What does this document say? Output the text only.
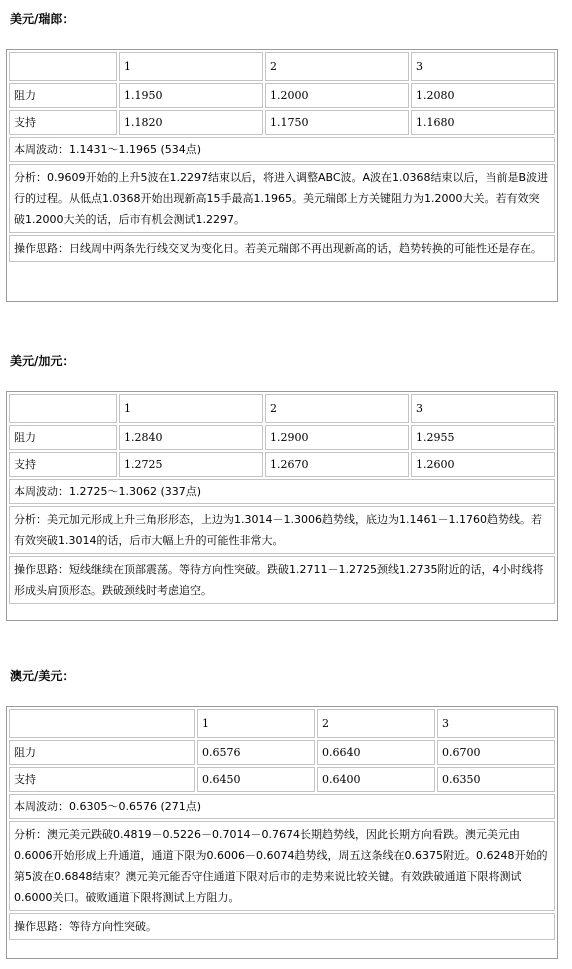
美元/瑞郎：
	1	2	3
阻力	1.1950	1.2000	1.2080
支持	1.1820	1.1750	1.1680
本周波动：1.1431～1.1965 (534点)			
分析：0.9609开始的上升5波在1.2297结束以后，将进入调整ABC波。A波在1.0368结束以后，当前是B波进行的过程。从低点1.0368开始出现新高15手最高1.1965。美元瑞郎上方关键阻力为1.2000大关。若有效突破1.2000大关的话，后市有机会测试1.2297。			
操作思路：日线周中两条先行线交叉为变化日。若美元瑞郎不再出现新高的话，趋势转换的可能性还是存在。			
美元/加元：
	1	2	3
阻力	1.2840	1.2900	1.2955
支持	1.2725	1.2670	1.2600
本周波动：1.2725～1.3062 (337点)			
分析：美元加元形成上升三角形形态，上边为1.3014－1.3006趋势线，底边为1.1461－1.1760趋势线。若有效突破1.3014的话，后市大幅上升的可能性非常大。			
操作思路：短线继续在顶部震荡。等待方向性突破。跌破1.2711－1.2725颈线1.2735附近的话，4小时线将形成头肩顶形态。跌破颈线时考虑追空。			
澳元/美元：
	1	2	3
阻力	0.6576	0.6640	0.6700
支持	0.6450	0.6400	0.6350
本周波动：0.6305～0.6576 (271点)			
分析：澳元美元跌破0.4819－0.5226－0.7014－0.7674长期趋势线，因此长期方向看跌。澳元美元由0.6006开始形成上升通道，通道下限为0.6006－0.6074趋势线，周五这条线在0.6375附近。0.6248开始的第5波在0.6848结束？澳元美元能否守住通道下限对后市的走势来说比较关键。有效跌破通道下限将测试0.6000关口。破败通道下限将测试上方阻力。			
操作思路：等待方向性突破。			
